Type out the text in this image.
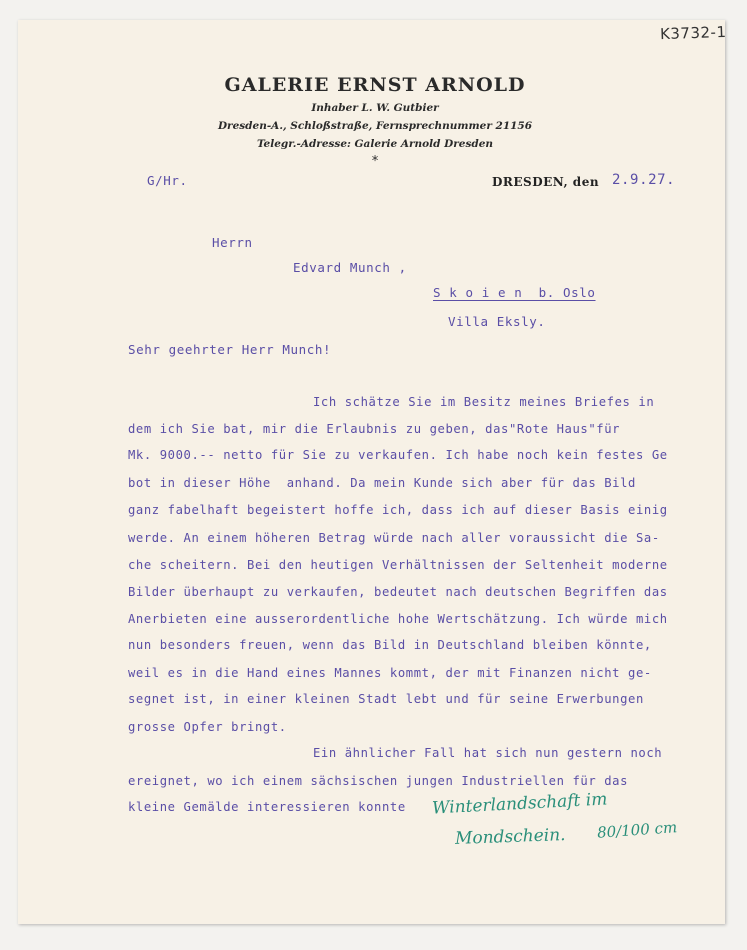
K3732-1
GALERIE ERNST ARNOLD
Inhaber L. W. Gutbier
Dresden-A., Schloßstraße, Fernsprechnummer 21156
Telegr.-Adresse: Galerie Arnold Dresden
*
G/Hr.	DRESDEN, den 2.9.27.
Herrn
Edvard Munch ,
S k o i e n  b. Oslo
Villa Eksly.
Sehr geehrter Herr Munch!
Ich schätze Sie im Besitz meines Briefes in
dem ich Sie bat, mir die Erlaubnis zu geben, das"Rote Haus"für
Mk. 9000.-- netto für Sie zu verkaufen. Ich habe noch kein festes Ge
bot in dieser Höhe  anhand. Da mein Kunde sich aber für das Bild
ganz fabelhaft begeistert hoffe ich, dass ich auf dieser Basis einig
werde. An einem höheren Betrag würde nach aller voraussicht die Sa-
che scheitern. Bei den heutigen Verhältnissen der Seltenheit moderne
Bilder überhaupt zu verkaufen, bedeutet nach deutschen Begriffen das
Anerbieten eine ausserordentliche hohe Wertschätzung. Ich würde mich
nun besonders freuen, wenn das Bild in Deutschland bleiben könnte,
weil es in die Hand eines Mannes kommt, der mit Finanzen nicht ge-
segnet ist, in einer kleinen Stadt lebt und für seine Erwerbungen
grosse Opfer bringt.
Ein ähnlicher Fall hat sich nun gestern noch
ereignet, wo ich einem sächsischen jungen Industriellen für das
kleine Gemälde interessieren konnte Winterlandschaft im
Mondschein. 80/100 cm
